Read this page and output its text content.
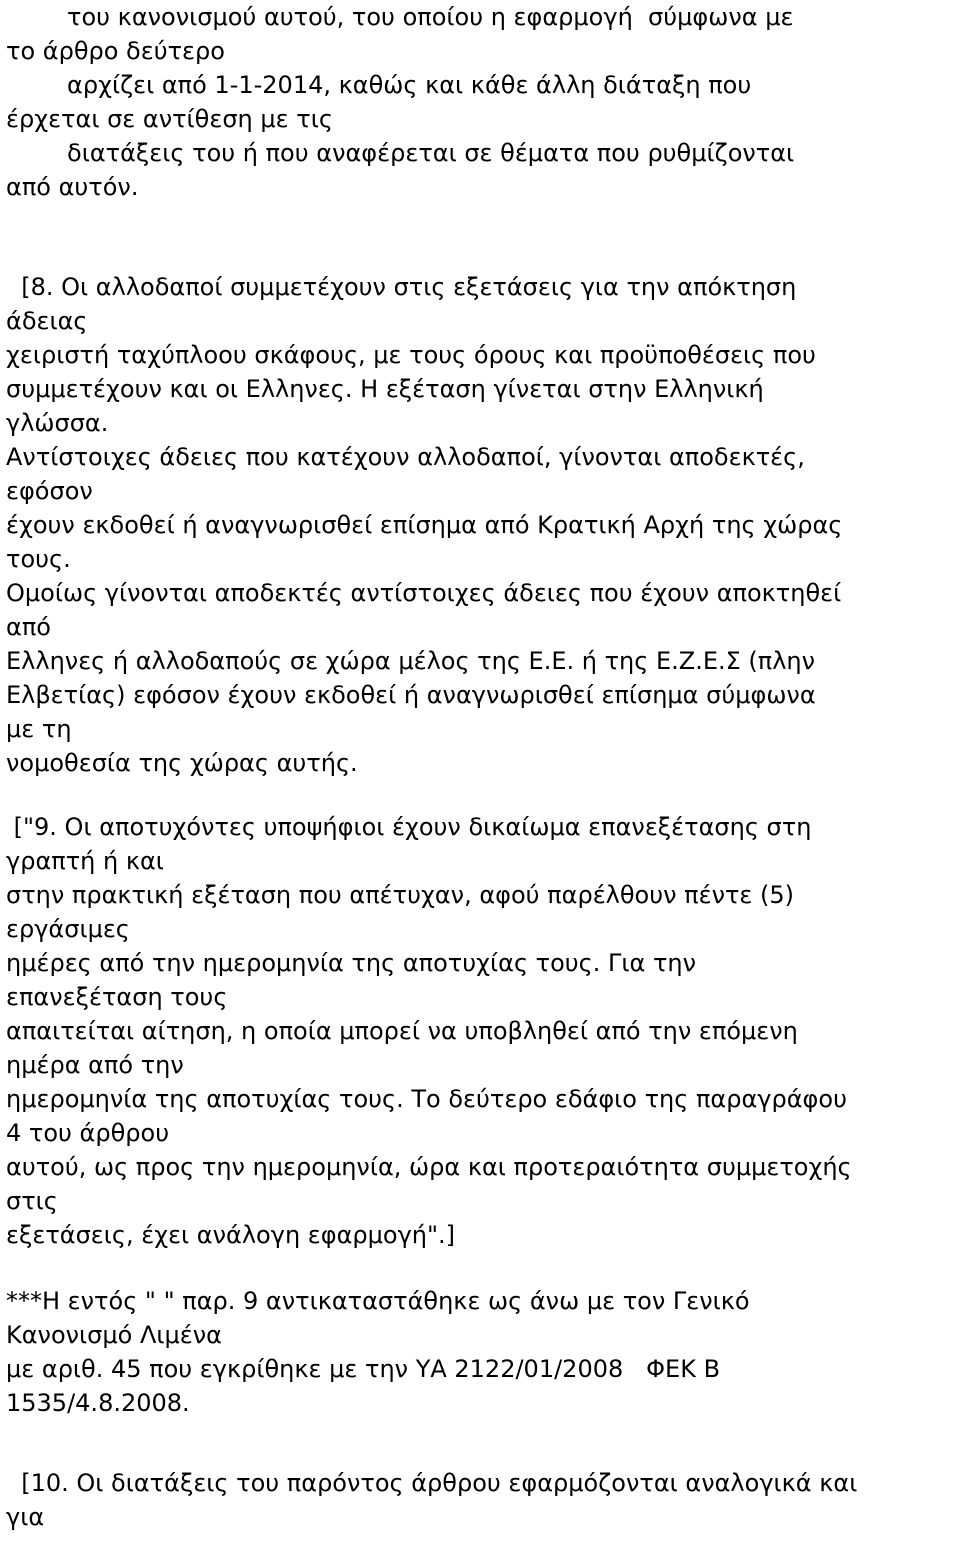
του κανονισμού αυτού, του οποίου η εφαρμογή  σύμφωνα με
το άρθρο δεύτερο
αρχίζει από 1-1-2014, καθώς και κάθε άλλη διάταξη που
έρχεται σε αντίθεση με τις
διατάξεις του ή που αναφέρεται σε θέματα που ρυθμίζονται
από αυτόν.
[8. Οι αλλοδαποί συμμετέχουν στις εξετάσεις για την απόκτηση
άδειας
χειριστή ταχύπλοου σκάφους, με τους όρους και προϋποθέσεις που
συμμετέχουν και οι Ελληνες. Η εξέταση γίνεται στην Ελληνική
γλώσσα.
Αντίστοιχες άδειες που κατέχουν αλλοδαποί, γίνονται αποδεκτές,
εφόσον
έχουν εκδοθεί ή αναγνωρισθεί επίσημα από Κρατική Αρχή της χώρας
τους.
Ομοίως γίνονται αποδεκτές αντίστοιχες άδειες που έχουν αποκτηθεί
από
Ελληνες ή αλλοδαπούς σε χώρα μέλος της Ε.Ε. ή της Ε.Ζ.Ε.Σ (πλην
Ελβετίας) εφόσον έχουν εκδοθεί ή αναγνωρισθεί επίσημα σύμφωνα
με τη
νομοθεσία της χώρας αυτής.
["9. Οι αποτυχόντες υποψήφιοι έχουν δικαίωμα επανεξέτασης στη
γραπτή ή και
στην πρακτική εξέταση που απέτυχαν, αφού παρέλθουν πέντε (5)
εργάσιμες
ημέρες από την ημερομηνία της αποτυχίας τους. Για την
επανεξέταση τους
απαιτείται αίτηση, η οποία μπορεί να υποβληθεί από την επόμενη
ημέρα από την
ημερομηνία της αποτυχίας τους. Το δεύτερο εδάφιο της παραγράφου
4 του άρθρου
αυτού, ως προς την ημερομηνία, ώρα και προτεραιότητα συμμετοχής
στις
εξετάσεις, έχει ανάλογη εφαρμογή".]
***Η εντός " " παρ. 9 αντικαταστάθηκε ως άνω με τον Γενικό
Κανονισμό Λιμένα
με αριθ. 45 που εγκρίθηκε με την ΥΑ 2122/01/2008   ΦΕΚ Β
1535/4.8.2008.
[10. Οι διατάξεις του παρόντος άρθρου εφαρμόζονται αναλογικά και
για
